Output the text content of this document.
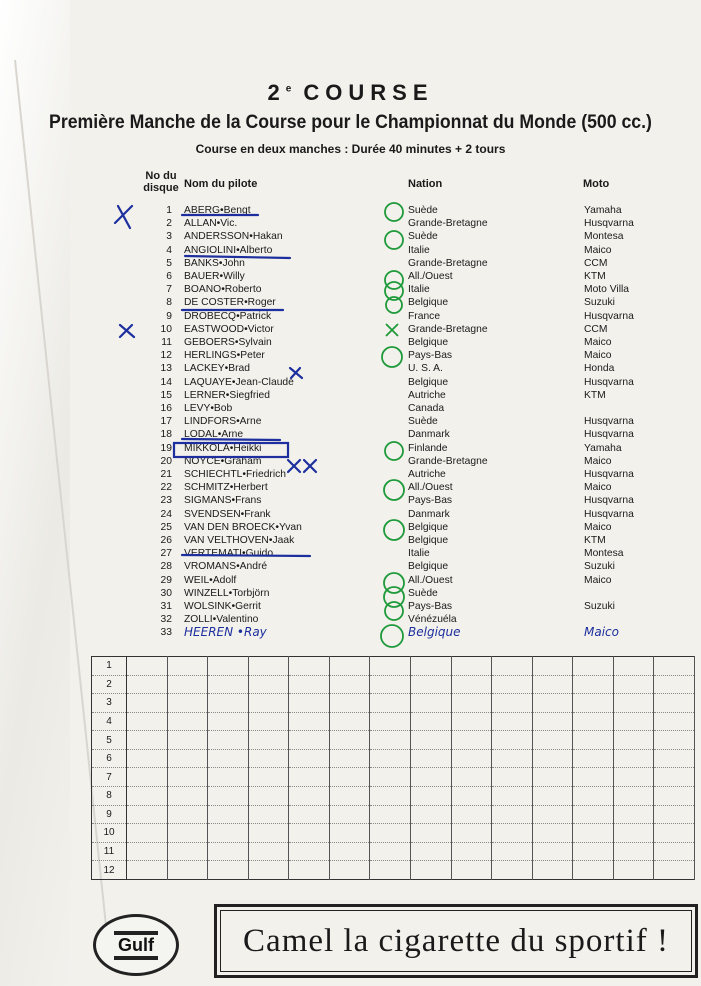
2e COURSE
Première Manche de la Course pour le Championnat du Monde (500 cc.)
Course en deux manches : Durée 40 minutes + 2 tours
No du
disque Nom du pilote	Nation	Moto
1 ABERG•Bengt	Suède	Yamaha
2 ALLAN•Vic.	Grande-Bretagne	Husqvarna
3 ANDERSSON•Hakan	Suède	Montesa
4 ANGIOLINI•Alberto	Italie	Maico
5 BANKS•John	Grande-Bretagne	CCM
6 BAUER•Willy	All./Ouest	KTM
7 BOANO•Roberto	Italie	Moto Villa
8 DE COSTER•Roger	Belgique	Suzuki
9 DROBECQ•Patrick	France	Husqvarna
10 EASTWOOD•Victor	Grande-Bretagne	CCM
11 GEBOERS•Sylvain	Belgique	Maico
12 HERLINGS•Peter	Pays-Bas	Maico
13 LACKEY•Brad	U. S. A.	Honda
14 LAQUAYE•Jean-Claude	Belgique	Husqvarna
15 LERNER•Siegfried	Autriche	KTM
16 LEVY•Bob	Canada
17 LINDFORS•Arne	Suède	Husqvarna
18 LODAL•Arne	Danmark	Husqvarna
19 MIKKOLA•Heikki	Finlande	Yamaha
20 NOYCE•Graham	Grande-Bretagne	Maico
21 SCHIECHTL•Friedrich	Autriche	Husqvarna
22 SCHMITZ•Herbert	All./Ouest	Maico
23 SIGMANS•Frans	Pays-Bas	Husqvarna
24 SVENDSEN•Frank	Danmark	Husqvarna
25 VAN DEN BROECK•Yvan	Belgique	Maico
26 VAN VELTHOVEN•Jaak	Belgique	KTM
27 VERTEMATI•Guido	Italie	Montesa
28 VROMANS•André	Belgique	Suzuki
29 WEIL•Adolf	All./Ouest	Maico
30 WINZELL•Torbjörn	Suède
31 WOLSINK•Gerrit	Pays-Bas	Suzuki
32 ZOLLI•Valentino	Vénézuéla
33 HEEREN •Ray	Belgique	Maico
1														
2														
3														
4														
5														
6														
7														
8														
9														
10														
11														
12														
Gulf	Camel la cigarette du sportif !
